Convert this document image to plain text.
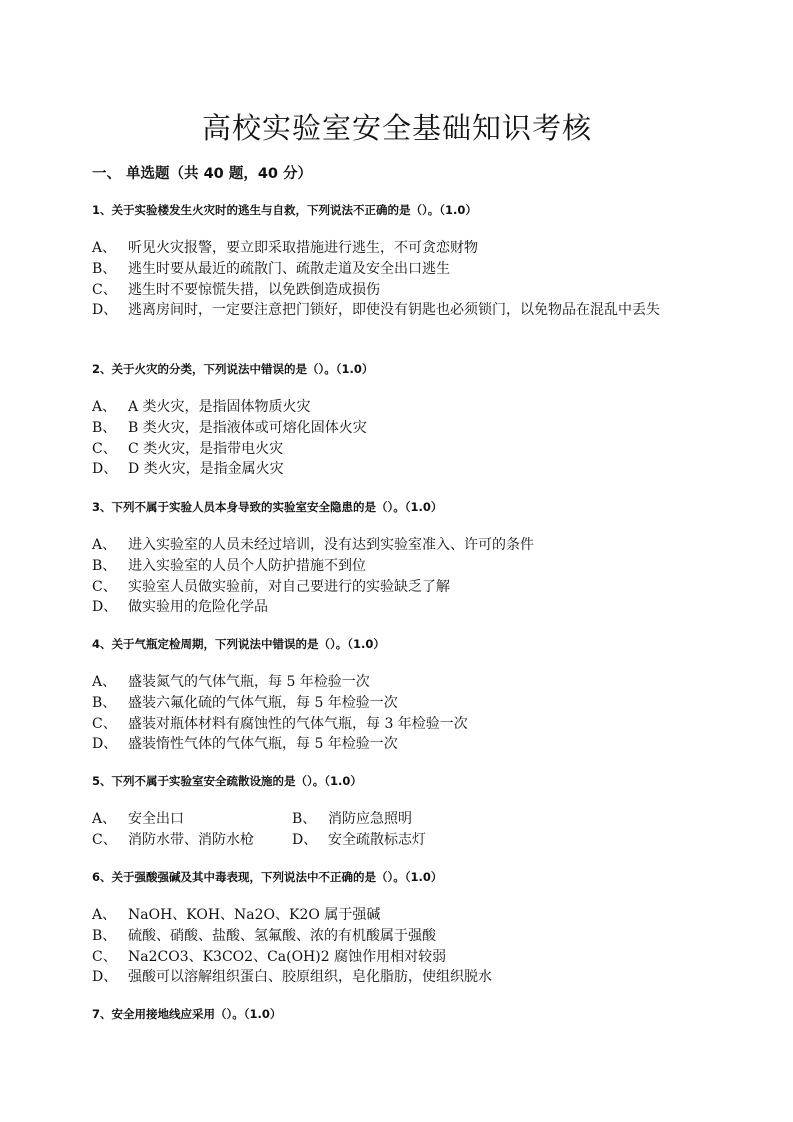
高校实验室安全基础知识考核
一、 单选题（共 40 题，40 分）
1、关于实验楼发生火灾时的逃生与自救，下列说法不正确的是（）。（1.0）
A、 听见火灾报警，要立即采取措施进行逃生，不可贪恋财物
B、 逃生时要从最近的疏散门、疏散走道及安全出口逃生
C、 逃生时不要惊慌失措，以免跌倒造成损伤
D、 逃离房间时，一定要注意把门锁好，即使没有钥匙也必须锁门，以免物品在混乱中丢失
2、关于火灾的分类，下列说法中错误的是（）。（1.0）
A、 A 类火灾，是指固体物质火灾
B、 B 类火灾，是指液体或可熔化固体火灾
C、 C 类火灾，是指带电火灾
D、 D 类火灾，是指金属火灾
3、下列不属于实验人员本身导致的实验室安全隐患的是（）。（1.0）
A、 进入实验室的人员未经过培训，没有达到实验室准入、许可的条件
B、 进入实验室的人员个人防护措施不到位
C、 实验室人员做实验前，对自己要进行的实验缺乏了解
D、 做实验用的危险化学品
4、关于气瓶定检周期，下列说法中错误的是（）。（1.0）
A、 盛装氮气的气体气瓶，每 5 年检验一次
B、 盛装六氟化硫的气体气瓶，每 5 年检验一次
C、 盛装对瓶体材料有腐蚀性的气体气瓶，每 3 年检验一次
D、 盛装惰性气体的气体气瓶，每 5 年检验一次
5、下列不属于实验室安全疏散设施的是（）。（1.0）
A、 安全出口	B、 消防应急照明
C、 消防水带、消防水枪	D、 安全疏散标志灯
6、关于强酸强碱及其中毒表现，下列说法中不正确的是（）。（1.0）
A、 NaOH、KOH、Na2O、K2O 属于强碱
B、 硫酸、硝酸、盐酸、氢氟酸、浓的有机酸属于强酸
C、 Na2CO3、K3CO2、Ca(OH)2 腐蚀作用相对较弱
D、 强酸可以溶解组织蛋白、胶原组织，皂化脂肪，使组织脱水
7、安全用接地线应采用（）。（1.0）
